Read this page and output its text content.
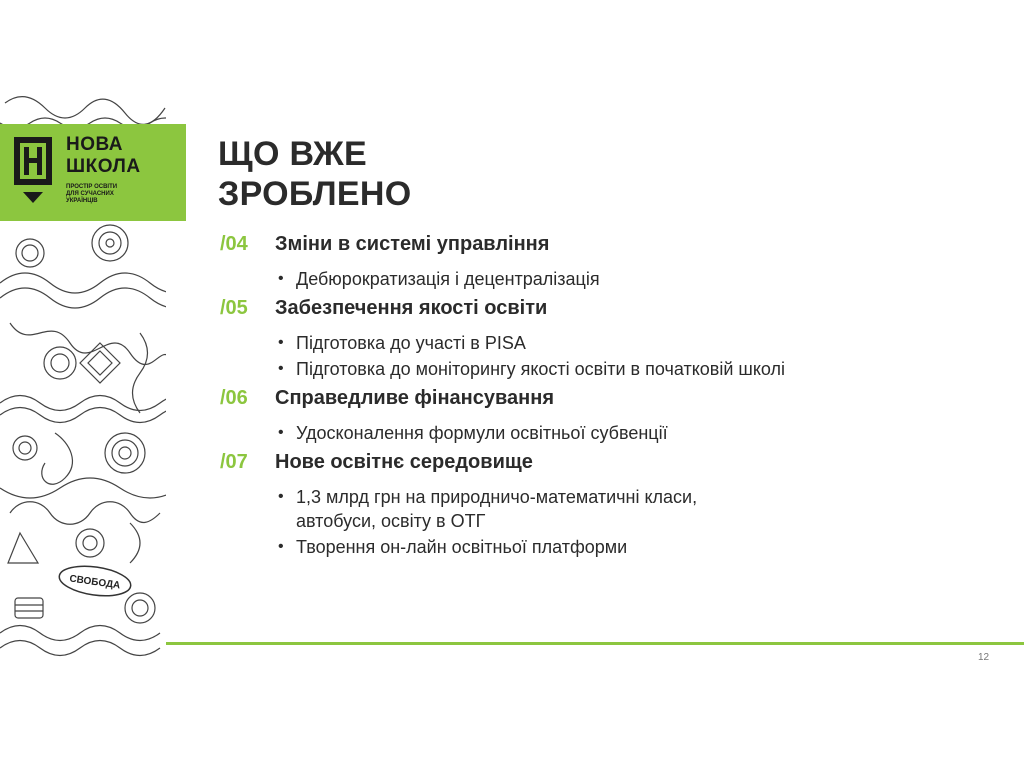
СВОБОДА
НОВА
ШКОЛА
ПРОСТІР ОСВІТИ
ДЛЯ СУЧАСНИХ
УКРАЇНЦІВ
ЩО ВЖЕ
ЗРОБЛЕНО
/04	Зміни в системі управління
• Дебюрократизація і децентралізація
/05	Забезпечення якості освіти
• Підготовка до участі в PISA
• Підготовка до моніторингу якості освіти в початковій школі
/06	Справедливе фінансування
• Удосконалення формули освітньої субвенції
/07	Нове освітнє середовище
• 1,3 млрд грн на природничо-математичні класи,
автобуси, освіту в ОТГ
• Творення он-лайн освітньої платформи
12
